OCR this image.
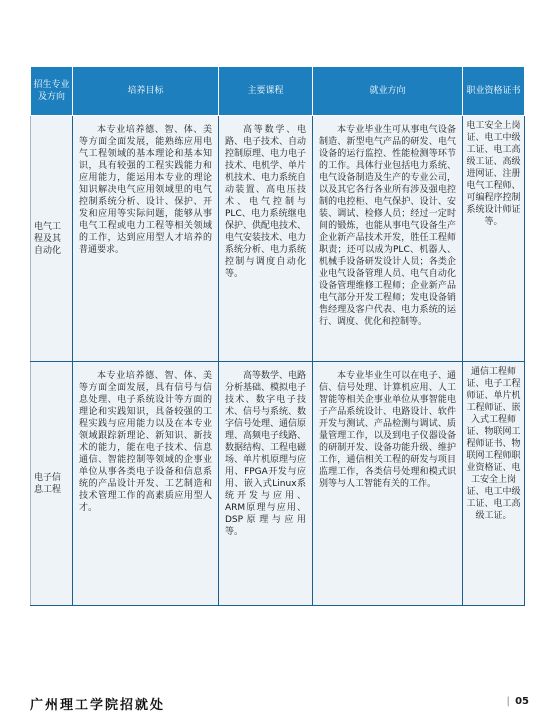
招生专业及方向	培养目标	主要课程	就业方向	职业资格证书
电气工程及其自动化	本专业培养德、智、体、美等方面全面发展，能熟练应用电气工程领域的基本理论和基本知识，具有较强的工程实践能力和应用能力，能运用本专业的理论知识解决电气应用领域里的电气控制系统分析、设计、保护、开发和应用等实际问题，能够从事电气工程或电力工程等相关领域的工作，达到应用型人才培养的普通要求。	高等数学、电路、电子技术、自动控制原理、电力电子技术、电机学、单片机技术、电力系统自动装置、高电压技术、电气控制与PLC、电力系统继电保护、供配电技术、电气安装技术、电力系统分析、电力系统控制与调度自动化等。	本专业毕业生可从事电气设备制造、新型电气产品的研发、电气设备的运行监控、性能检测等环节的工作。具体行业包括电力系统、电气设备制造及生产的专业公司，以及其它各行各业所有涉及强电控制的电控柜、电气保护、设计、安装、调试、检修人员；经过一定时间的锻炼，也能从事电气设备生产企业新产品技术开发，胜任工程师职责；还可以成为PLC、机器人、机械手设备研发设计人员；各类企业电气设备管理人员、电气自动化设备管理维修工程师；企业新产品电气部分开发工程师；发电设备销售经理及客户代表、电力系统的运行、调度、优化和控制等。	电工安全上岗证、电工中级工证、电工高级工证、高级进网证、注册电气工程师、可编程序控制系统设计师证等。
电子信息工程	本专业培养德、智、体、美等方面全面发展，具有信号与信息处理、电子系统设计等方面的理论和实践知识，具备较强的工程实践与应用能力以及在本专业领域跟踪新理论、新知识、新技术的能力，能在电子技术、信息通信、智能控制等领域的企事业单位从事各类电子设备和信息系统的产品设计开发、工艺制造和技术管理工作的高素质应用型人才。	高等数学、电路分析基础、模拟电子技术、数字电子技术、信号与系统、数字信号处理、通信原理、高频电子线路、数据结构、工程电磁场、单片机原理与应用、FPGA开发与应用、嵌入式Linux系统开发与应用、ARM原理与应用、DSP原理与应用等。	本专业毕业生可以在电子、通信、信号处理、计算机应用、人工智能等相关企事业单位从事智能电子产品系统设计、电路设计、软件开发与测试、产品检测与调试、质量管理工作，以及到电子仪器设备的研制开发、设备功能升级、维护工作，通信相关工程的研发与项目监理工作，各类信号处理和模式识别等与人工智能有关的工作。	通信工程师证、电子工程师证、单片机工程师证、嵌入式工程师证、物联网工程师证书、物联网工程师职业资格证、电工安全上岗证、电工中级工证、电工高级工证。
广州理工学院招就处	| 05
